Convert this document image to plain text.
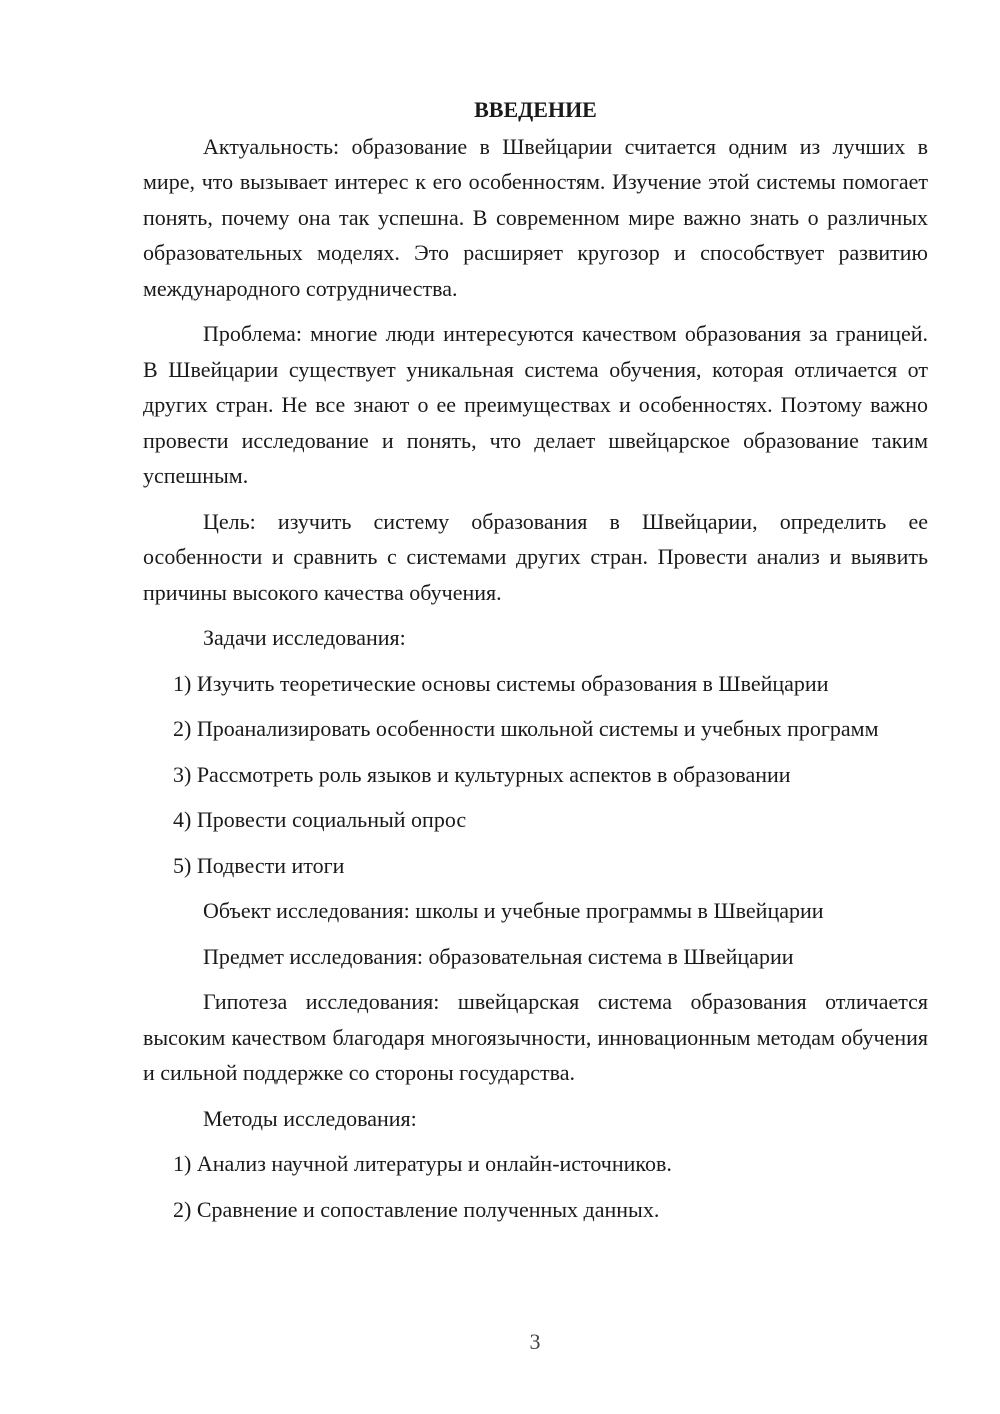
ВВЕДЕНИЕ

Актуальность: образование в Швейцарии считается одним из лучших в мире, что вызывает интерес к его особенностям. Изучение этой системы помогает понять, почему она так успешна. В современном мире важно знать о различных образовательных моделях. Это расширяет кругозор и способствует развитию международного сотрудничества.

Проблема: многие люди интересуются качеством образования за границей. В Швейцарии существует уникальная система обучения, которая отличается от других стран. Не все знают о ее преимуществах и особенностях. Поэтому важно провести исследование и понять, что делает швейцарское образование таким успешным.

Цель: изучить систему образования в Швейцарии, определить ее особенности и сравнить с системами других стран. Провести анализ и выявить причины высокого качества обучения.

Задачи исследования:

1) Изучить теоретические основы системы образования в Швейцарии

2) Проанализировать особенности школьной системы и учебных программ

3) Рассмотреть роль языков и культурных аспектов в образовании

4) Провести социальный опрос

5) Подвести итоги

Объект исследования: школы и учебные программы в Швейцарии

Предмет исследования: образовательная система в Швейцарии

Гипотеза исследования: швейцарская система образования отличается высоким качеством благодаря многоязычности, инновационным методам обучения и сильной поддержке со стороны государства.

Методы исследования:

1) Анализ научной литературы и онлайн-источников.

2) Сравнение и сопоставление полученных данных.

3
